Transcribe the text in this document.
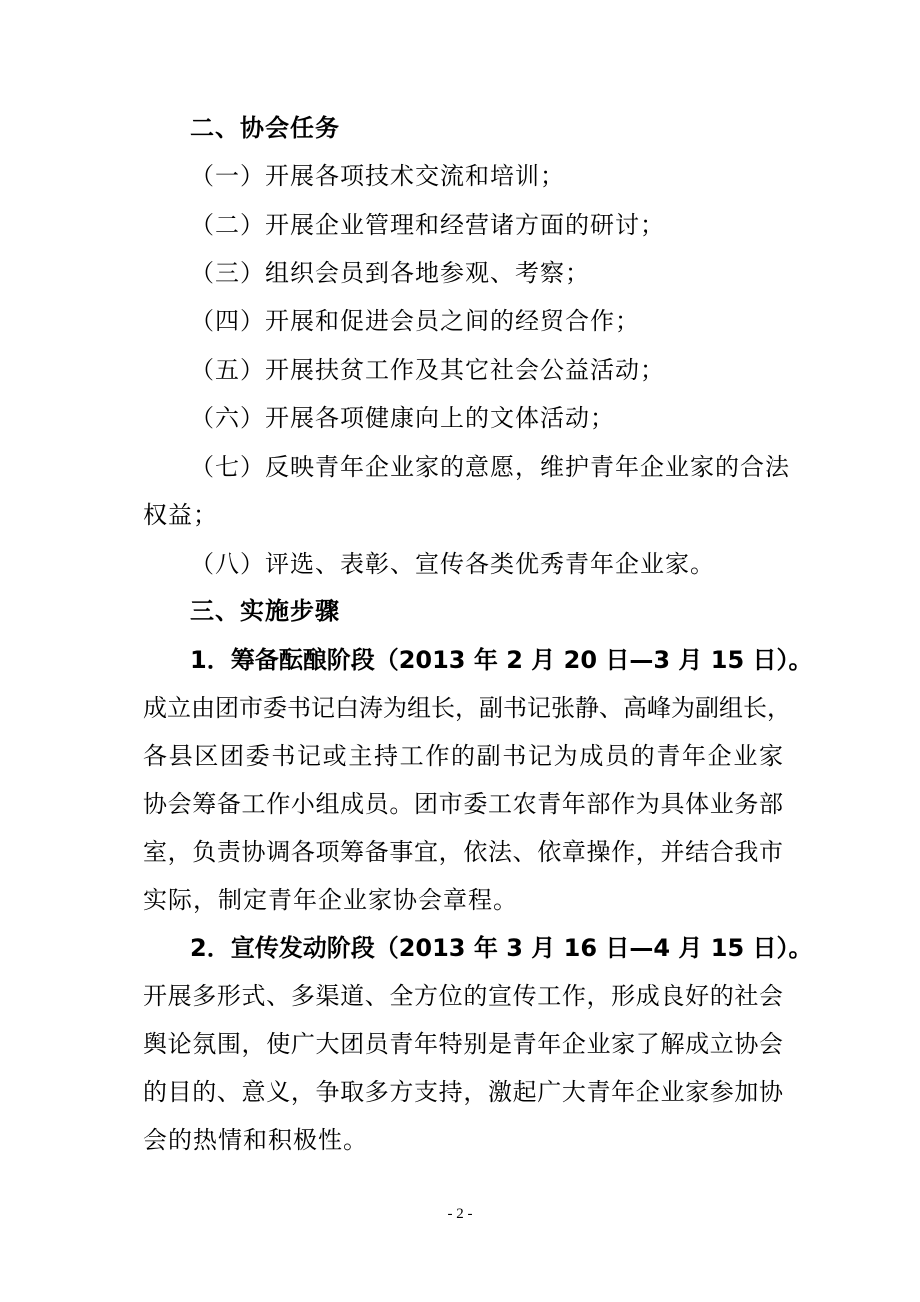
二、协会任务
（一）开展各项技术交流和培训；
（二）开展企业管理和经营诸方面的研讨；
（三）组织会员到各地参观、考察；
（四）开展和促进会员之间的经贸合作；
（五）开展扶贫工作及其它社会公益活动；
（六）开展各项健康向上的文体活动；
（七）反映青年企业家的意愿，维护青年企业家的合法
权益；
（八）评选、表彰、宣传各类优秀青年企业家。
三、实施步骤
1．筹备酝酿阶段（2013 年 2 月 20 日—3 月 15 日）。
成立由团市委书记白涛为组长，副书记张静、高峰为副组长，
各县区团委书记或主持工作的副书记为成员的青年企业家
协会筹备工作小组成员。团市委工农青年部作为具体业务部
室，负责协调各项筹备事宜，依法、依章操作，并结合我市
实际，制定青年企业家协会章程。
2．宣传发动阶段（2013 年 3 月 16 日—4 月 15 日）。
开展多形式、多渠道、全方位的宣传工作，形成良好的社会
舆论氛围，使广大团员青年特别是青年企业家了解成立协会
的目的、意义，争取多方支持，激起广大青年企业家参加协
会的热情和积极性。
- 2 -
